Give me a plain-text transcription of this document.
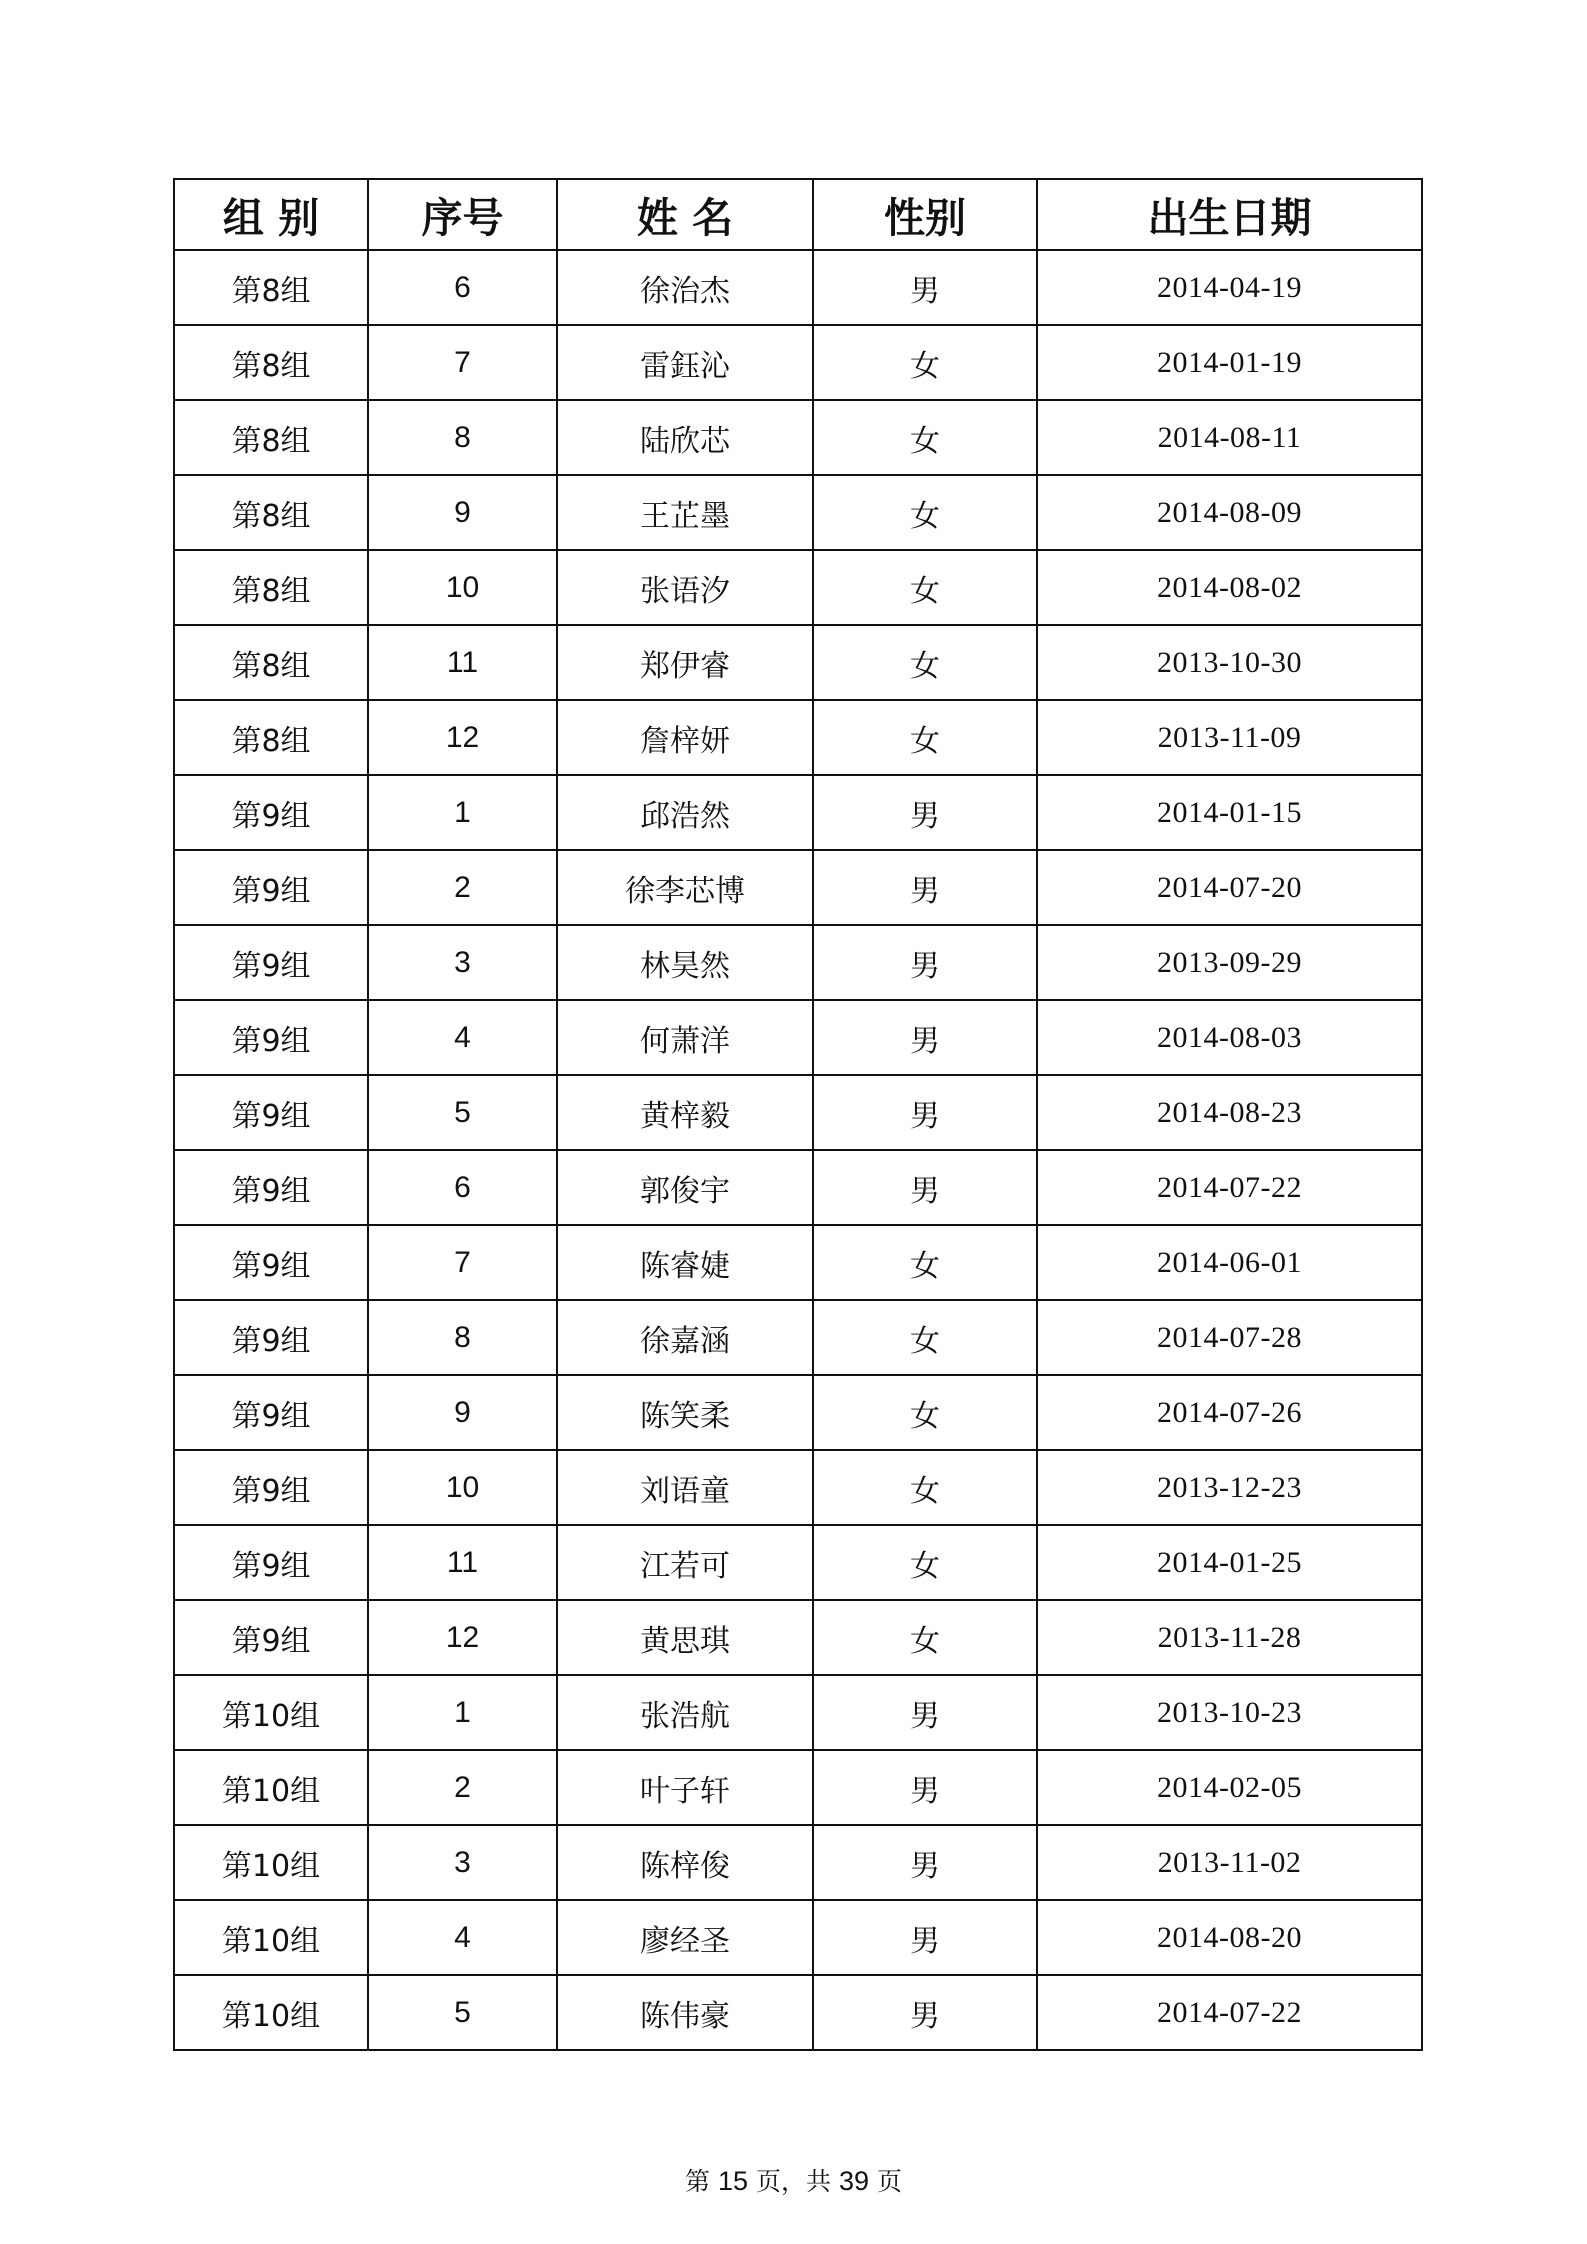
组 别	序号	姓 名	性别	出生日期
第8组	6	徐治杰	男	2014-04-19
第8组	7	雷鈺沁	女	2014-01-19
第8组	8	陆欣芯	女	2014-08-11
第8组	9	王芷墨	女	2014-08-09
第8组	10	张语汐	女	2014-08-02
第8组	11	郑伊睿	女	2013-10-30
第8组	12	詹梓妍	女	2013-11-09
第9组	1	邱浩然	男	2014-01-15
第9组	2	徐李芯博	男	2014-07-20
第9组	3	林昊然	男	2013-09-29
第9组	4	何萧洋	男	2014-08-03
第9组	5	黄梓毅	男	2014-08-23
第9组	6	郭俊宇	男	2014-07-22
第9组	7	陈睿婕	女	2014-06-01
第9组	8	徐嘉涵	女	2014-07-28
第9组	9	陈笑柔	女	2014-07-26
第9组	10	刘语童	女	2013-12-23
第9组	11	江若可	女	2014-01-25
第9组	12	黄思琪	女	2013-11-28
第10组	1	张浩航	男	2013-10-23
第10组	2	叶子轩	男	2014-02-05
第10组	3	陈梓俊	男	2013-11-02
第10组	4	廖经圣	男	2014-08-20
第10组	5	陈伟豪	男	2014-07-22
第 15 页，共 39 页
